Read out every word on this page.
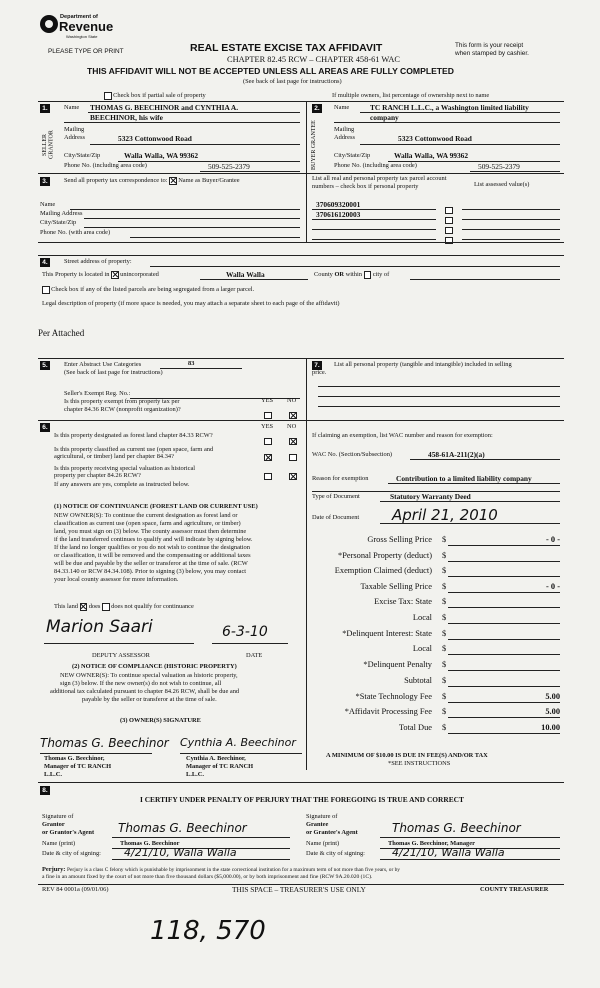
Department of
Revenue
Washington State
PLEASE TYPE OR PRINT	REAL ESTATE EXCISE TAX AFFIDAVIT
CHAPTER 82.45 RCW – CHAPTER 458-61 WAC
This form is your receipt
when stamped by cashier.
THIS AFFIDAVIT WILL NOT BE ACCEPTED UNLESS ALL AREAS ARE FULLY COMPLETED
(See back of last page for instructions)
Check box if partial sale of property	If multiple owners, list percentage of ownership next to name
1.
SELLER GRANTOR
Name THOMAS G. BEECHINOR and CYNTHIA A.
BEECHINOR, his wife
Mailing
Address	5323 Cottonwood Road
City/State/Zip	Walla Walla, WA 99362
Phone No. (including area code)	509-525-2379
2.
BUYER GRANTEE
Name	TC RANCH L.L.C., a Washington limited liability
company
Mailing
Address	5323 Cottonwood Road
City/State/Zip	Walla Walla, WA 99362
Phone No. (including area code)	509-525-2379
3.	Send all property tax correspondence to: Name as Buyer/Grantee	List all real and personal property tax parcel account
numbers – check box if personal property	List assessed value(s)
Name
Mailing Address
City/State/Zip
Phone No. (with area code)
370609320001
370616120003
4.	Street address of property:
This Property is located in unincorporated	Walla Walla	County OR within city of
Check box if any of the listed parcels are being segregated from a larger parcel.
Legal description of property (if more space is needed, you may attach a separate sheet to each page of the affidavit)
Per Attached
5.	Enter Abstract Use Categories	83
(See back of last page for instructions)
Seller's Exempt Reg. No.:
Is this property exempt from property tax per
chapter 84.36 RCW (nonprofit organization)?
YES NO
6.	YES NO
Is this property designated as forest land chapter 84.33 RCW?
Is this property classified as current use (open space, farm and
agricultural, or timber) land per chapter 84.34?
Is this property receiving special valuation as historical
property per chapter 84.26 RCW?
If any answers are yes, complete as instructed below.
(1) NOTICE OF CONTINUANCE (FOREST LAND OR CURRENT USE)
NEW OWNER(S): To continue the current designation as forest land or
classification as current use (open space, farm and agriculture, or timber)
land, you must sign on (3) below. The county assessor must then determine
if the land transferred continues to qualify and will indicate by signing below.
If the land no longer qualifies or you do not wish to continue the designation
or classification, it will be removed and the compensating or additional taxes
will be due and payable by the seller or transferor at the time of sale. (RCW
84.33.140 or RCW 84.34.108). Prior to signing (3) below, you may contact
your local county assessor for more information.
This land does does not qualify for continuance
Marion Saari	6-3-10
DEPUTY ASSESSOR	DATE
(2) NOTICE OF COMPLIANCE (HISTORIC PROPERTY)
NEW OWNER(S): To continue special valuation as historic property,
sign (3) below. If the new owner(s) do not wish to continue, all
additional tax calculated pursuant to chapter 84.26 RCW, shall be due and
payable by the seller or transferor at the time of sale.
(3) OWNER(S) SIGNATURE
Thomas G. Beechinor Cynthia A. Beechinor
Thomas G. Beechinor,
Manager of TC RANCH
L.L.C.
Cynthia A. Beechinor,
Manager of TC RANCH
L.L.C.
7.	List all personal property (tangible and intangible) included in selling
price.
If claiming an exemption, list WAC number and reason for exemption:
WAC No. (Section/Subsection)	458-61A-211(2)(a)
Reason for exemption	Contribution to a limited liability company
Type of Document	Statutory Warranty Deed
Date of Document April 21, 2010
Gross Selling Price $	- 0 -
*Personal Property (deduct) $
Exemption Claimed (deduct) $
Taxable Selling Price $	- 0 -
Excise Tax: State $
Local $
*Delinquent Interest: State $
Local $
*Delinquent Penalty $
Subtotal $
*State Technology Fee $	5.00
*Affidavit Processing Fee $	5.00
Total Due $	10.00
A MINIMUM OF $10.00 IS DUE IN FEE(S) AND/OR TAX
*SEE INSTRUCTIONS
8.
I CERTIFY UNDER PENALTY OF PERJURY THAT THE FOREGOING IS TRUE AND CORRECT
Signature of
Grantor
or Grantor's Agent Thomas G. Beechinor
Name (print)	Thomas G. Beechinor
Date & city of signing: 4/21/10, Walla Walla
Signature of
Grantee
or Grantee's Agent	Thomas G. Beechinor
Name (print)	Thomas G. Beechinor, Manager
Date & city of signing: 4/21/10, Walla Walla
Perjury: Perjury is a class C felony which is punishable by imprisonment in the state correctional institution for a maximum term of not more than five years, or by
a fine in an amount fixed by the court of not more than five thousand dollars ($5,000.00), or by both imprisonment and fine (RCW 9A.20.020 (1C).
REV 84 0001a (09/01/06)	THIS SPACE – TREASURER'S USE ONLY	COUNTY TREASURER
118, 570
